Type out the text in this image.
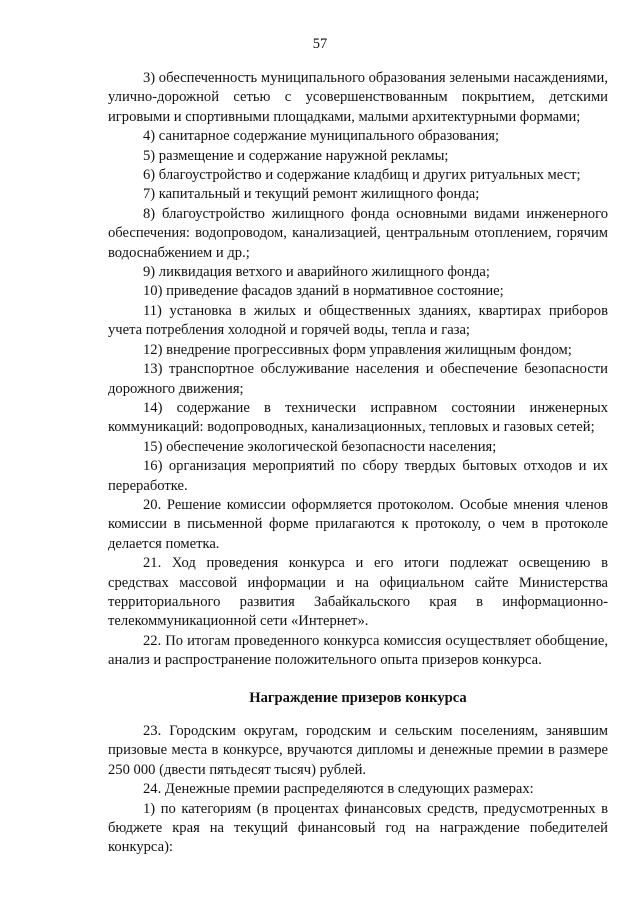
57

3) обеспеченность муниципального образования зелеными насаждениями, улично-дорожной сетью с усовершенствованным покрытием, детскими игровыми и спортивными площадками, малыми архитектурными формами;

4) санитарное содержание муниципального образования;

5) размещение и содержание наружной рекламы;

6) благоустройство и содержание кладбищ и других ритуальных мест;

7) капитальный и текущий ремонт жилищного фонда;

8) благоустройство жилищного фонда основными видами инженерного обеспечения: водопроводом, канализацией, центральным отоплением, горячим водоснабжением и др.;

9) ликвидация ветхого и аварийного жилищного фонда;

10) приведение фасадов зданий в нормативное состояние;

11) установка в жилых и общественных зданиях, квартирах приборов учета потребления холодной и горячей воды, тепла и газа;

12) внедрение прогрессивных форм управления жилищным фондом;

13) транспортное обслуживание населения и обеспечение безопасности дорожного движения;

14) содержание в технически исправном состоянии инженерных коммуникаций: водопроводных, канализационных, тепловых и газовых сетей;

15) обеспечение экологической безопасности населения;

16) организация мероприятий по сбору твердых бытовых отходов и их переработке.

20. Решение комиссии оформляется протоколом. Особые мнения членов комиссии в письменной форме прилагаются к протоколу, о чем в протоколе делается пометка.

21. Ход проведения конкурса и его итоги подлежат освещению в средствах массовой информации и на официальном сайте Министерства территориального развития Забайкальского края в информационно-телекоммуникационной сети «Интернет».

22. По итогам проведенного конкурса комиссия осуществляет обобщение, анализ и распространение положительного опыта призеров конкурса.

Награждение призеров конкурса

23. Городским округам, городским и сельским поселениям, занявшим призовые места в конкурсе, вручаются дипломы и денежные премии в размере 250 000 (двести пятьдесят тысяч) рублей.

24. Денежные премии распределяются в следующих размерах:

1) по категориям (в процентах финансовых средств, предусмотренных в бюджете края на текущий финансовый год на награждение победителей конкурса):
